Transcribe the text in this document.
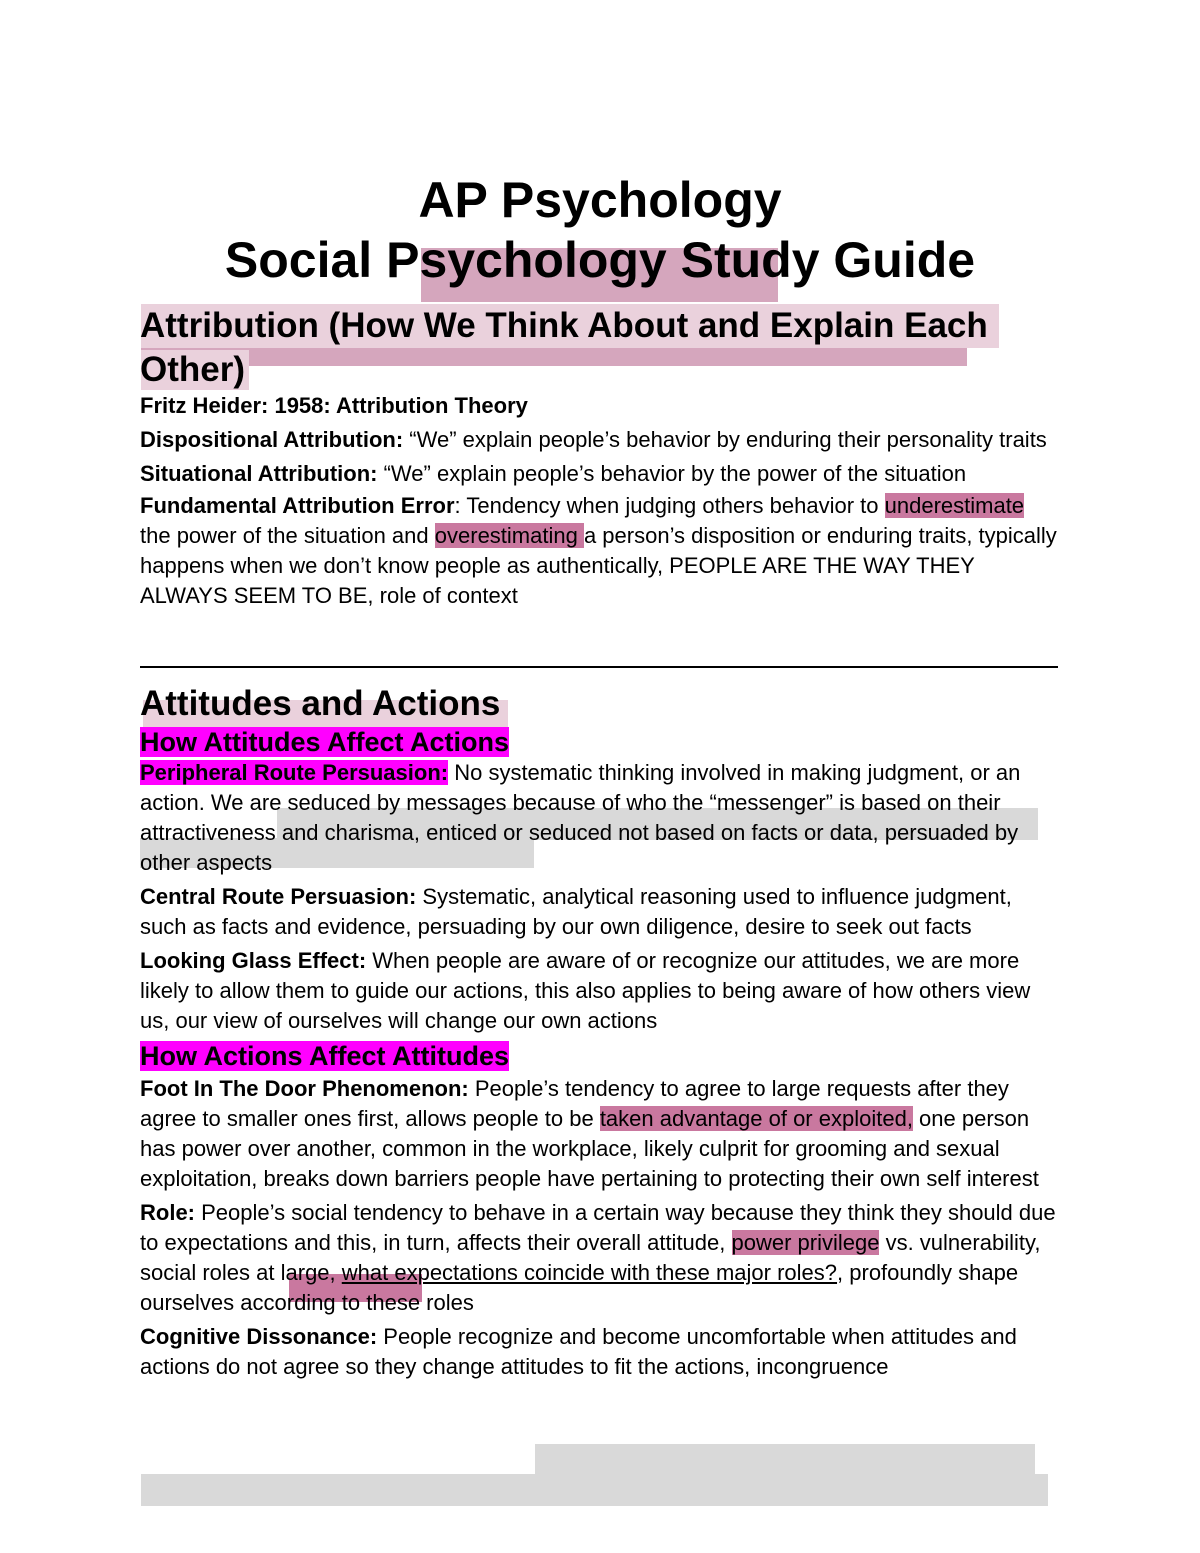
AP Psychology
Social Psychology Study Guide
Attribution (How We Think About and Explain Each Other)
Fritz Heider: 1958: Attribution Theory
Dispositional Attribution: “We” explain people’s behavior by enduring their personality traits
Situational Attribution: “We” explain people’s behavior by the power of the situation
Fundamental Attribution Error: Tendency when judging others behavior to underestimate the power of the situation and overestimating a person’s disposition or enduring traits, typically happens when we don’t know people as authentically, PEOPLE ARE THE WAY THEY ALWAYS SEEM TO BE, role of context
Attitudes and Actions
How Attitudes Affect Actions
Peripheral Route Persuasion: No systematic thinking involved in making judgment, or an action. We are seduced by messages because of who the “messenger” is based on their attractiveness and charisma, enticed or seduced not based on facts or data, persuaded by other aspects
Central Route Persuasion: Systematic, analytical reasoning used to influence judgment, such as facts and evidence, persuading by our own diligence, desire to seek out facts
Looking Glass Effect: When people are aware of or recognize our attitudes, we are more likely to allow them to guide our actions, this also applies to being aware of how others view us, our view of ourselves will change our own actions
How Actions Affect Attitudes
Foot In The Door Phenomenon: People’s tendency to agree to large requests after they agree to smaller ones first, allows people to be taken advantage of or exploited, one person has power over another, common in the workplace, likely culprit for grooming and sexual exploitation, breaks down barriers people have pertaining to protecting their own self interest
Role: People’s social tendency to behave in a certain way because they think they should due to expectations and this, in turn, affects their overall attitude, power privilege vs. vulnerability, social roles at large, what expectations coincide with these major roles?, profoundly shape ourselves according to these roles
Cognitive Dissonance: People recognize and become uncomfortable when attitudes and actions do not agree so they change attitudes to fit the actions, incongruence
